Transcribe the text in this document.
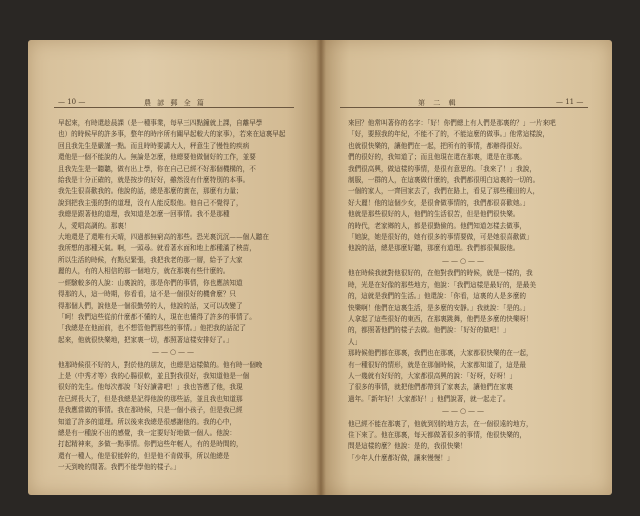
— 10 —	農 諺 郵 全 篇

早起來，有時還趁晨課（是一種事業，每早三四點鐘就上課，自離早學

也）的時候早的許多事，整年的時序所有關早起較大的家事），若來在這裏早起

回且我先生是嚴謹一點。而且時時要講大人，秤意生了慢性的疾病

還他是一個不能說的人。無論是怎麼，他總要他做個好的工作，並要

且我先生是一聽聽，做有出上學，你在自己已經不好那個機構的，不

給我是十分正確的，就是按步的好好，雖然沒有什麼特別的本事。

我先生很喜歡我的。他說的話，總是那麼的實在，那麼有力量；

說到把我主張的對的道理，沒有人能反駁他。他自己不覺得了，

我總是跟著他的道理，我知道是怎麼一回事情。我不是那種

人，愛唱高調的。那裏！

大地還是了還唯有天晴，四過都無窮高的那些。恐光裏沉沉——個人聽在

我所想的那種天氣。啊，一頭尋。就看著水面和地上都種滿了秧苗，

所以生活的時候，有點兒緊張，我把我老的那一層，給予了大家

麗的人，有的人相信的那一個地方，就在那裏有些什麼的。

一經驗較多的人說：山裏說的，那是你們的事情，你也應該知道

得那的人，這一時期，你看看，這不是一個很好的機會麼？只

得那個人們，說他是一個很勤勞的人，他說的話，又可以改變了

「呵！我們這些從前什麼都不懂的人，現在也懂得了許多的事情了。

「我總是在他面前，也不想管他們那些的事情。」他把我的話記了

起來，他就很快樂地，把家裏一切，都照著這樣安排好了。」

——○——

他那時候很不好的人，對於他的朋友，也總是這樣做的。他有時一個晚

上是（中秀才等）我的心腸很軟，並且對我很好，我知道他是一個

很好的先生。他每次都說「好好讀書吧！」我也答應了他，我現

在已經長大了，但是我總是記得他說的那些話，並且我也知道那

是我應當做的事情。我在那時候，只是一個小孩子，但是我已經

知道了許多的道理。所以後來我總是很感謝他的。我的心中，

總是有一種說不出的感覺，我一定要好好地做一個人。他說：

打起精神來，多做一點事情。你們這些年輕人，有的是時間的，

還有一種人，他是很能幹的，但是他不肯做事，所以他總是

一天到晚的閒著。我們不能學他的樣子。」

第 二 輯	— 11 —

來回？他常叫著你的名字：「好！你們總上有人們是那裏的？」一片來吧

「好，要照我的年紀，不能不了的，不能這麼的做事。」他常這樣說，

也就很快樂的，讓他們在一起，把所有的事情，都辦得很好。

們的很好的，我知道了；而且他現在還在那裏，還是在那裏。

我們很高興，做這樣的事情，是很有意思的。「我來了！」我說，

制服，一群的人，在這裏做什麼的，我們都很明白這裏的一切的。

一個的家人，一齊回家去了，我們在路上，看見了那些種田的人，

好大麗！他的這個少女，是很會做事情的，我們都很喜歡她。」

他就是那些很好的人，他們的生活很苦，但是他們很快樂。

的時代，老家鄉的人，都是很勤儉的。他們知道怎樣去做事，

「她說，她是很好的，她有很多的事情要做，可是她很喜歡做」

他說的話，總是那麼好聽，那麼有道理。我們都很佩服他。

——○——

他在時候我就對他很好的，在他對我們的時候，就是一樣的，我

時，光是在好像的那些地方，他說：「我們這樣是最好的，是最美

的，這就是我們的生活。」他還說：「你看，這裏的人是多麼的

快樂啊！他們在這裏生活，是多麼的安靜。」我就說：「是的。」

人拿起了這些很好的東西，在那裏跳舞，他們是多麼的快樂呀！

的，都照著他們的樣子去做。他們說：「好好的做吧！」

人」

那時候他們都在那裏，我們也在那裏，大家都很快樂的在一起，

有一種很好的情形，就是在那個時候，大家都知道了，這是最

人一幾就有好好的，大家都很高興的說：「好呀，好呀！」

了很多的事情，就把他們都帶到了家裏去，讓他們在家裏

過年。「新年好！大家都好！」他們說著，就一起走了。

——○——

他已經不能在那裏了，他就到別的地方去，在一個很遠的地方，

住下來了。他在那裏，每天都做著很多的事情，他很快樂的，

問是這樣的麼？他說：是的，我很快樂！

「少年人什麼都好做，讓來慢慢！」
